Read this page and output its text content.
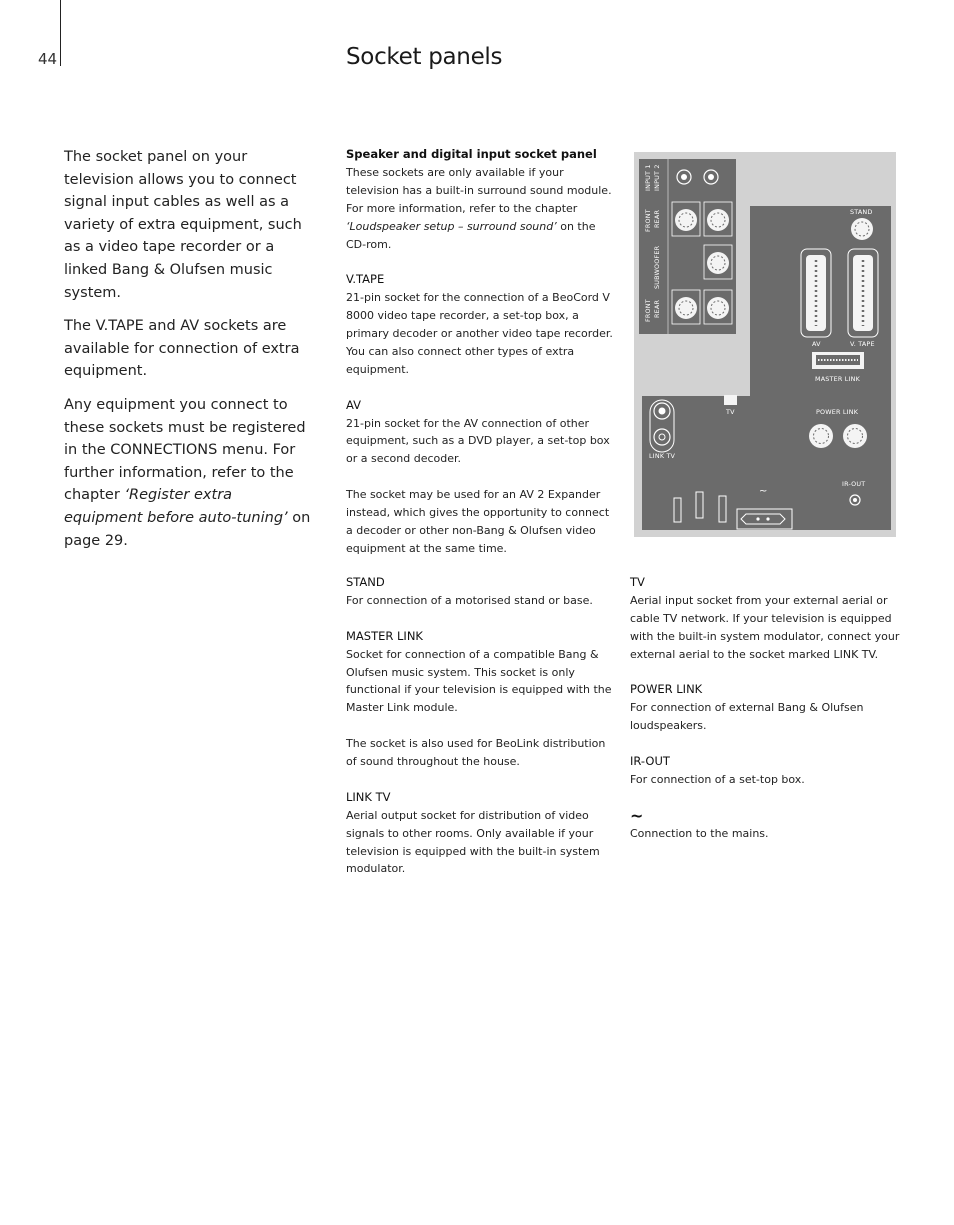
44	Socket panels

The socket panel on your television allows you to connect signal input cables as well as a variety of extra equipment, such as a video tape recorder or a linked Bang & Olufsen music system.

The V.TAPE and AV sockets are available for connection of extra equipment.

Any equipment you connect to these sockets must be registered in the CONNECTIONS menu. For further information, refer to the chapter ‘Register extra equipment before auto-tuning’ on page 29.

Speaker and digital input socket panel
These sockets are only available if your television has a built-in surround sound module. For more information, refer to the chapter ‘Loudspeaker setup – surround sound’ on the CD-rom.
V.TAPE
21-pin socket for the connection of a BeoCord V 8000 video tape recorder, a set-top box, a primary decoder or another video tape recorder. You can also connect other types of extra equipment.
AV
21-pin socket for the AV connection of other equipment, such as a DVD player, a set-top box or a second decoder.
The socket may be used for an AV 2 Expander instead, which gives the opportunity to connect a decoder or other non-Bang & Olufsen video equipment at the same time.
STAND
For connection of a motorised stand or base.
MASTER LINK
Socket for connection of a compatible Bang & Olufsen music system. This socket is only functional if your television is equipped with the Master Link module.
The socket is also used for BeoLink distribution of sound throughout the house.
LINK TV
Aerial output socket for distribution of video signals to other rooms. Only available if your television is equipped with the built-in system modulator.
TV
Aerial input socket from your external aerial or cable TV network. If your television is equipped with the built-in system modulator, connect your external aerial to the socket marked LINK TV.
POWER LINK
For connection of external Bang & Olufsen loudspeakers.
IR-OUT
For connection of a set-top box.
~
Connection to the mains.
INPUT 1 INPUT 2
FRONT REAR
SUBWOOFER
FRONT REAR
STAND
AV	V. TAPE
MASTER LINK
TV
LINK TV
POWER LINK
IR-OUT
~
